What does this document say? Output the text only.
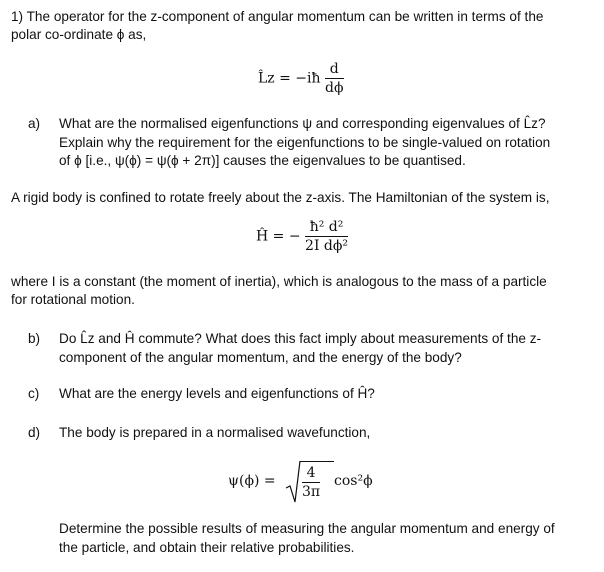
1) The operator for the z-component of angular momentum can be written in terms of the
polar co-ordinate ϕ as,
L̂z = −iħ $\frac{d}{d\phi}$
a) What are the normalised eigenfunctions ψ and corresponding eigenvalues of L̂z?
Explain why the requirement for the eigenfunctions to be single-valued on rotation
of ϕ [i.e., ψ(ϕ) = ψ(ϕ + 2π)] causes the eigenvalues to be quantised.
A rigid body is confined to rotate freely about the z-axis. The Hamiltonian of the system is,
Ĥ = − $\frac{\text{ħ² d²}}{\text{2I dϕ²}}$
where I is a constant (the moment of inertia), which is analogous to the mass of a particle
for rotational motion.
b) Do L̂z and Ĥ commute? What does this fact imply about measurements of the z-
component of the angular momentum, and the energy of the body?
c) What are the energy levels and eigenfunctions of Ĥ?
d) The body is prepared in a normalised wavefunction,
$\psi(\phi) = \frac{4}{3\pi} \cos^2\phi$
Determine the possible results of measuring the angular momentum and energy of
the particle, and obtain their relative probabilities.
